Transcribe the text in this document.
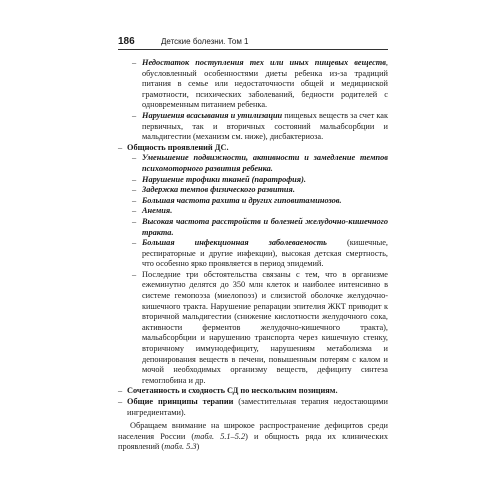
186	Детские болезни. Том 1
– Недостаток поступления тех или иных пищевых веществ, обусловленный особенностями диеты ребенка из-за традиций питания в семье или недостаточности общей и медицинской грамотности, психических заболеваний, бедности родителей с одновременным питанием ребенка.
– Нарушения всасывания и утилизации пищевых веществ за счет как первичных, так и вторичных состояний мальабсорбции и мальдигестии (механизм см. ниже), дисбактериоза.
– Общность проявлений ДС.
– Уменьшение подвижности, активности и замедление темпов психомоторного развития ребенка.
– Нарушение трофики тканей (паратрофия).
– Задержка темпов физического развития.
– Большая частота рахита и других гиповитаминозов.
– Анемия.
– Высокая частота расстройств и болезней желудочно-кишечного тракта.
– Большая инфекционная заболеваемость (кишечные, респираторные и другие инфекции), высокая детская смертность, что особенно ярко проявляется в период эпидемий.
– Последние три обстоятельства связаны с тем, что в организме ежеминутно делятся до 350 млн клеток и наиболее интенсивно в системе гемопоэза (миелопоэз) и слизистой оболочке желудочно-кишечного тракта. Нарушение репарации эпителия ЖКТ приводит к вторичной мальдигестии (снижение кислотности желудочного сока, активности ферментов желудочно-кишечного тракта), мальабсорбции и нарушению транспорта через кишечную стенку, вторичному иммунодефициту, нарушениям метаболизма и депонирования веществ в печени, повышенным потерям с калом и мочой необходимых организму веществ, дефициту синтеза гемоглобина и др.
– Сочетанность и сходность СД по нескольким позициям.
– Общие принципы терапии (заместительная терапия недостающими ингредиентами).

Обращаем внимание на широкое распространение дефицитов среди населения России (табл. 5.1–5.2) и общность ряда их клинических проявлений (табл. 5.3)
